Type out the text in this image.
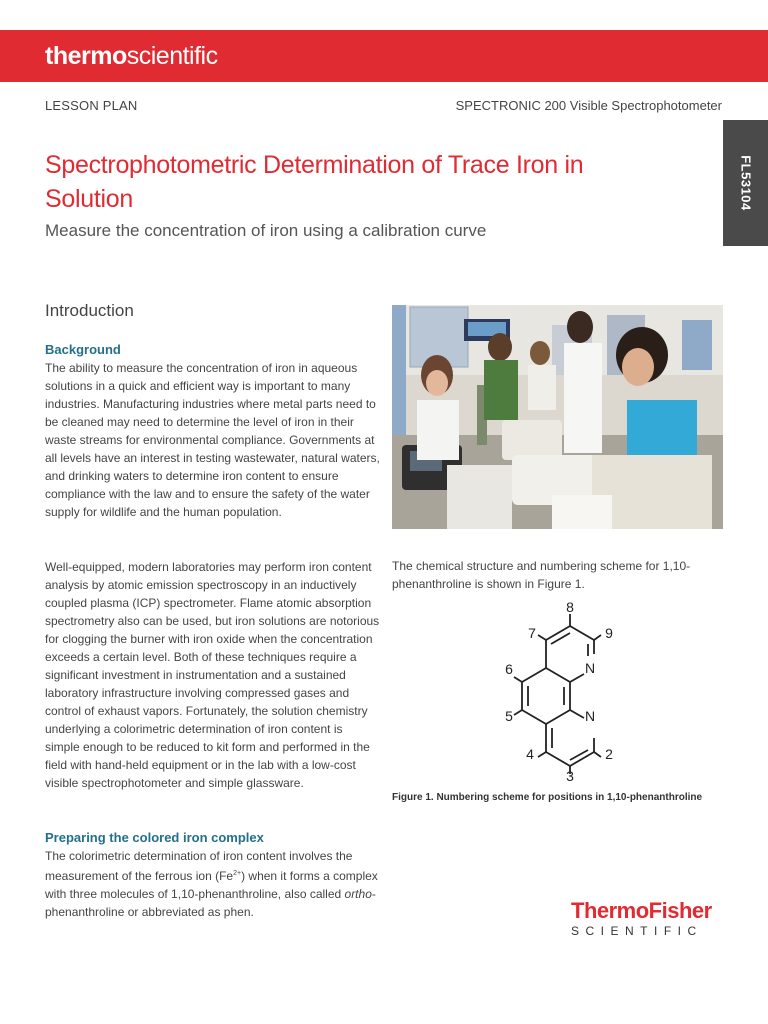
thermoscientific
LESSON PLAN	SPECTRONIC 200 Visible Spectrophotometer
FL53104
Spectrophotometric Determination of Trace Iron in Solution
Measure the concentration of iron using a calibration curve
Introduction
Background

The ability to measure the concentration of iron in aqueous solutions in a quick and efficient way is important to many industries. Manufacturing industries where metal parts need to be cleaned may need to determine the level of iron in their waste streams for environmental compliance. Governments at all levels have an interest in testing wastewater, natural waters, and drinking waters to determine iron content to ensure compliance with the law and to ensure the safety of the water supply for wildlife and the human population.

Well-equipped, modern laboratories may perform iron content analysis by atomic emission spectroscopy in an inductively coupled plasma (ICP) spectrometer. Flame atomic absorption spectrometry also can be used, but iron solutions are notorious for clogging the burner with iron oxide when the concentration exceeds a certain level. Both of these techniques require a significant investment in instrumentation and a sustained laboratory infrastructure involving compressed gases and control of exhaust vapors. Fortunately, the solution chemistry underlying a colorimetric determination of iron content is simple enough to be reduced to kit form and performed in the field with hand-held equipment or in the lab with a low-cost visible spectrophotometer and simple glassware.

Preparing the colored iron complex

The colorimetric determination of iron content involves the measurement of the ferrous ion $(Fe^{2+})$ when it forms a complex with three molecules of 1,10-phenanthroline, also called ortho-phenanthroline or abbreviated as phen.

The chemical structure and numbering scheme for 1,10-phenanthroline is shown in Figure 1.

8
7	9
N
6
5	N
4	2
3

Figure 1. Numbering scheme for positions in 1,10-phenanthroline

ThermoFisher
SCIENTIFIC
